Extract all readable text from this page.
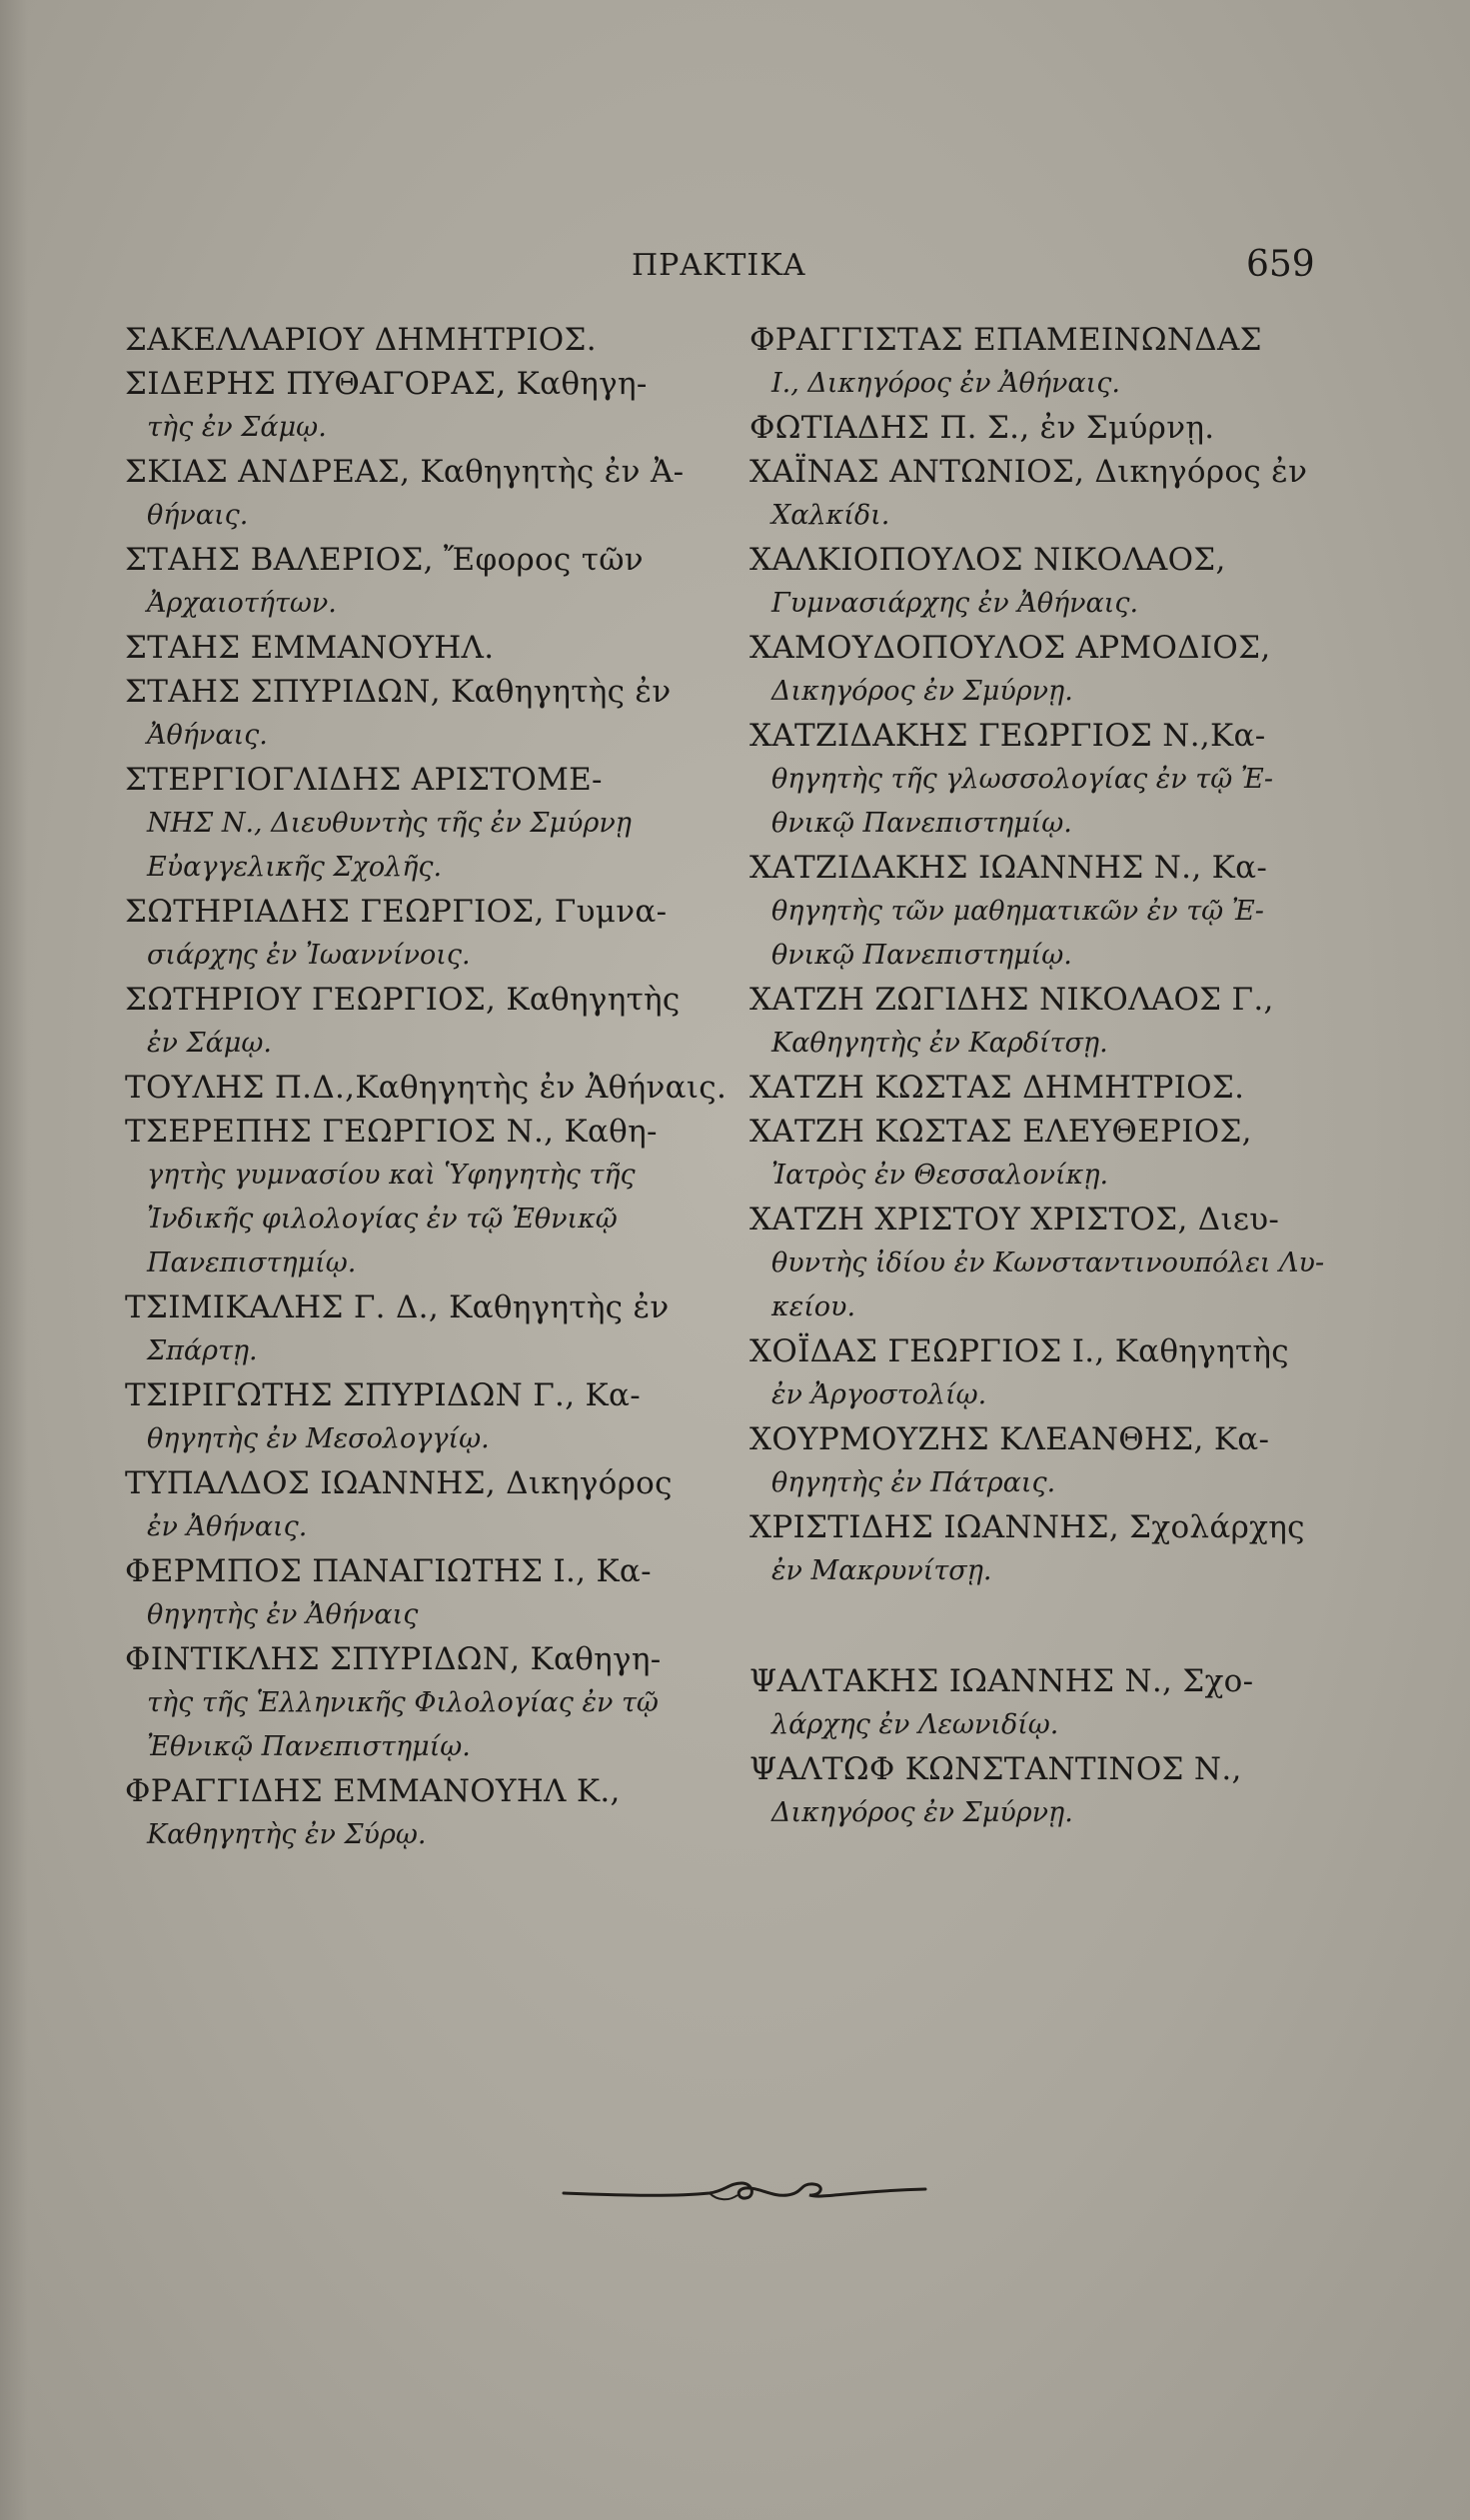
ΠΡΑΚΤΙΚΑ	659
ΣΑΚΕΛΛΑΡΙΟΥ ΔΗΜΗΤΡΙΟΣ.
ΣΙΔΕΡΗΣ ΠΥΘΑΓΟΡΑΣ, Καθηγη-
τὴς ἐν Σάμῳ.
ΣΚΙΑΣ ΑΝΔΡΕΑΣ, Καθηγητὴς ἐν Ἀ-
θήναις.
ΣΤΑΗΣ ΒΑΛΕΡΙΟΣ, Ἔφορος τῶν
Ἀρχαιοτήτων.
ΣΤΑΗΣ ΕΜΜΑΝΟΥΗΛ.
ΣΤΑΗΣ ΣΠΥΡΙΔΩΝ, Καθηγητὴς ἐν
Ἀθήναις.
ΣΤΕΡΓΙΟΓΛΙΔΗΣ ΑΡΙΣΤΟΜΕ-
ΝΗΣ Ν., Διευθυντὴς τῆς ἐν Σμύρνῃ
Εὐαγγελικῆς Σχολῆς.
ΣΩΤΗΡΙΑΔΗΣ ΓΕΩΡΓΙΟΣ, Γυμνα-
σιάρχης ἐν Ἰωαννίνοις.
ΣΩΤΗΡΙΟΥ ΓΕΩΡΓΙΟΣ, Καθηγητὴς
ἐν Σάμῳ.
ΤΟΥΛΗΣ Π.Δ.,Καθηγητὴς ἐν Ἀθήναις.
ΤΣΕΡΕΠΗΣ ΓΕΩΡΓΙΟΣ Ν., Καθη-
γητὴς γυμνασίου καὶ Ὑφηγητὴς τῆς
Ἰνδικῆς φιλολογίας ἐν τῷ Ἐθνικῷ
Πανεπιστημίῳ.
ΤΣΙΜΙΚΑΛΗΣ Γ. Δ., Καθηγητὴς ἐν
Σπάρτῃ.
ΤΣΙΡΙΓΩΤΗΣ ΣΠΥΡΙΔΩΝ Γ., Κα-
θηγητὴς ἐν Μεσολογγίῳ.
ΤΥΠΑΛΔΟΣ ΙΩΑΝΝΗΣ, Δικηγόρος
ἐν Ἀθήναις.
ΦΕΡΜΠΟΣ ΠΑΝΑΓΙΩΤΗΣ Ι., Κα-
θηγητὴς ἐν Ἀθήναις
ΦΙΝΤΙΚΛΗΣ ΣΠΥΡΙΔΩΝ, Καθηγη-
τὴς τῆς Ἑλληνικῆς Φιλολογίας ἐν τῷ
Ἐθνικῷ Πανεπιστημίῳ.
ΦΡΑΓΓΙΔΗΣ ΕΜΜΑΝΟΥΗΛ Κ.,
Καθηγητὴς ἐν Σύρῳ.
ΦΡΑΓΓΙΣΤΑΣ ΕΠΑΜΕΙΝΩΝΔΑΣ
Ι., Δικηγόρος ἐν Ἀθήναις.
ΦΩΤΙΑΔΗΣ Π. Σ., ἐν Σμύρνῃ.
ΧΑΪΝΑΣ ΑΝΤΩΝΙΟΣ, Δικηγόρος ἐν
Χαλκίδι.
ΧΑΛΚΙΟΠΟΥΛΟΣ ΝΙΚΟΛΑΟΣ,
Γυμνασιάρχης ἐν Ἀθήναις.
ΧΑΜΟΥΔΟΠΟΥΛΟΣ ΑΡΜΟΔΙΟΣ,
Δικηγόρος ἐν Σμύρνῃ.
ΧΑΤΖΙΔΑΚΗΣ ΓΕΩΡΓΙΟΣ Ν.,Κα-
θηγητὴς τῆς γλωσσολογίας ἐν τῷ Ἐ-
θνικῷ Πανεπιστημίῳ.
ΧΑΤΖΙΔΑΚΗΣ ΙΩΑΝΝΗΣ Ν., Κα-
θηγητὴς τῶν μαθηματικῶν ἐν τῷ Ἐ-
θνικῷ Πανεπιστημίῳ.
ΧΑΤΖΗ ΖΩΓΙΔΗΣ ΝΙΚΟΛΑΟΣ Γ.,
Καθηγητὴς ἐν Καρδίτσῃ.
ΧΑΤΖΗ ΚΩΣΤΑΣ ΔΗΜΗΤΡΙΟΣ.
ΧΑΤΖΗ ΚΩΣΤΑΣ ΕΛΕΥΘΕΡΙΟΣ,
Ἰατρὸς ἐν Θεσσαλονίκῃ.
ΧΑΤΖΗ ΧΡΙΣΤΟΥ ΧΡΙΣΤΟΣ, Διευ-
θυντὴς ἰδίου ἐν Κωνσταντινουπόλει Λυ-
κείου.
ΧΟΪΔΑΣ ΓΕΩΡΓΙΟΣ Ι., Καθηγητὴς
ἐν Ἀργοστολίῳ.
ΧΟΥΡΜΟΥΖΗΣ ΚΛΕΑΝΘΗΣ, Κα-
θηγητὴς ἐν Πάτραις.
ΧΡΙΣΤΙΔΗΣ ΙΩΑΝΝΗΣ, Σχολάρχης
ἐν Μακρυνίτσῃ.
ΨΑΛΤΑΚΗΣ ΙΩΑΝΝΗΣ Ν., Σχο-
λάρχης ἐν Λεωνιδίῳ.
ΨΑΛΤΩΦ ΚΩΝΣΤΑΝΤΙΝΟΣ Ν.,
Δικηγόρος ἐν Σμύρνῃ.
